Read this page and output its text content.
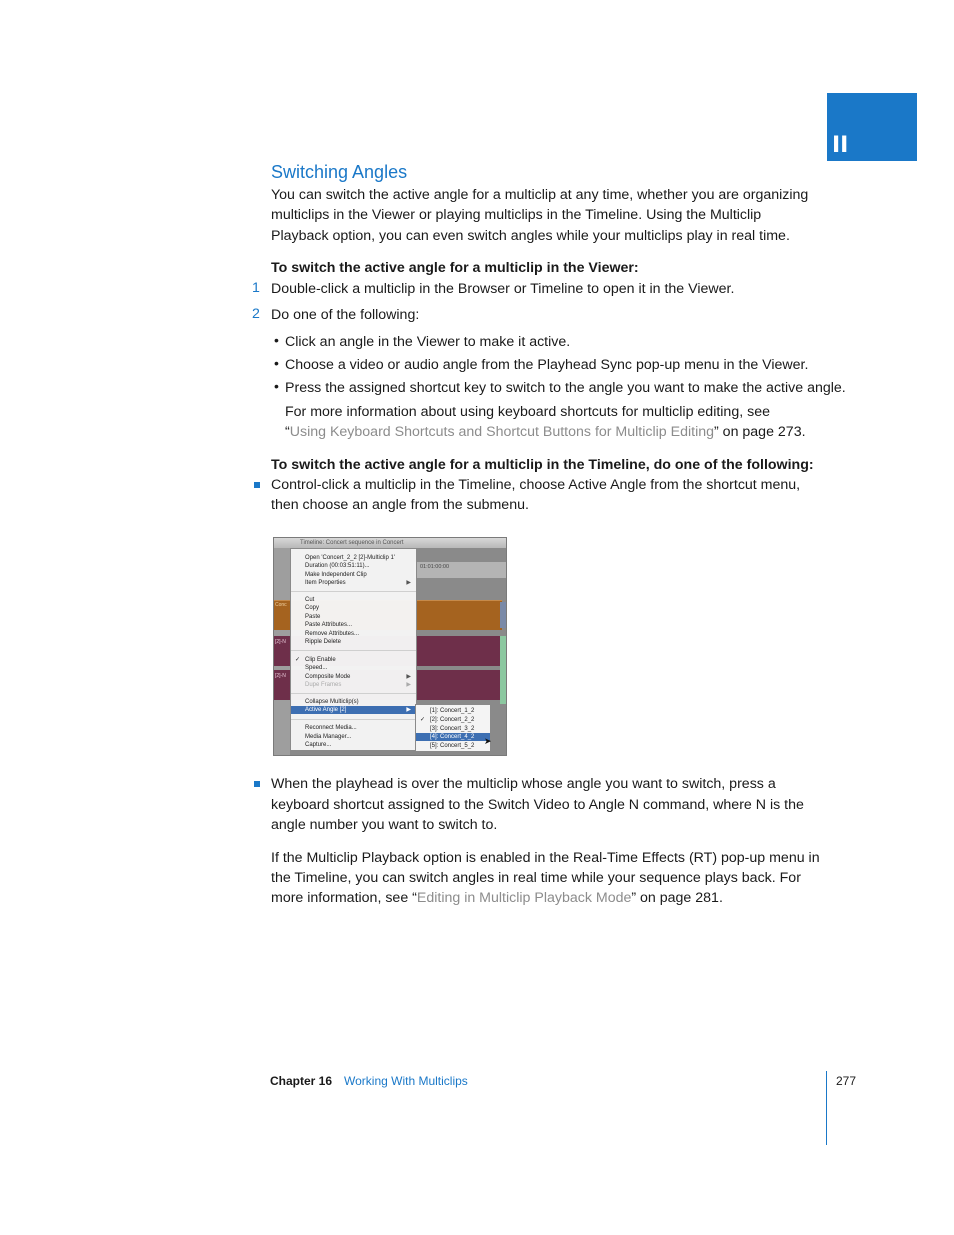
II
Switching Angles
You can switch the active angle for a multiclip at any time, whether you are organizing
multiclips in the Viewer or playing multiclips in the Timeline. Using the Multiclip
Playback option, you can even switch angles while your multiclips play in real time.
To switch the active angle for a multiclip in the Viewer:
1 Double-click a multiclip in the Browser or Timeline to open it in the Viewer.
2 Do one of the following:
• Click an angle in the Viewer to make it active.
• Choose a video or audio angle from the Playhead Sync pop-up menu in the Viewer.
• Press the assigned shortcut key to switch to the angle you want to make the active angle.
For more information about using keyboard shortcuts for multiclip editing, see
“Using Keyboard Shortcuts and Shortcut Buttons for Multiclip Editing” on page 273.
To switch the active angle for a multiclip in the Timeline, do one of the following:
Control-click a multiclip in the Timeline, choose Active Angle from the shortcut menu,
then choose an angle from the submenu.
Timeline: Concert sequence in Concert
01:01:00:00
Conc
[2]-N
[2]-N
Open 'Concert_2_2 [2]-Multiclip 1'
Duration (00:03:51:11)...
Make Independent Clip
Item Properties	▶
Cut
Copy
Paste
Paste Attributes...
Remove Attributes...
Ripple Delete
✓ Clip Enable
Speed...
Composite Mode	▶
Dupe Frames	▶
Collapse Multiclip(s)
Active Angle [2]	▶
Reconnect Media...
Media Manager...
Capture...
[1]: Concert_1_2
✓ [2]: Concert_2_2
[3]: Concert_3_2
[4]: Concert_4_2
[5]: Concert_5_2 ➤
When the playhead is over the multiclip whose angle you want to switch, press a
keyboard shortcut assigned to the Switch Video to Angle N command, where N is the
angle number you want to switch to.
If the Multiclip Playback option is enabled in the Real-Time Effects (RT) pop-up menu in
the Timeline, you can switch angles in real time while your sequence plays back. For
more information, see “Editing in Multiclip Playback Mode” on page 281.
Chapter 16 Working With Multiclips	277
